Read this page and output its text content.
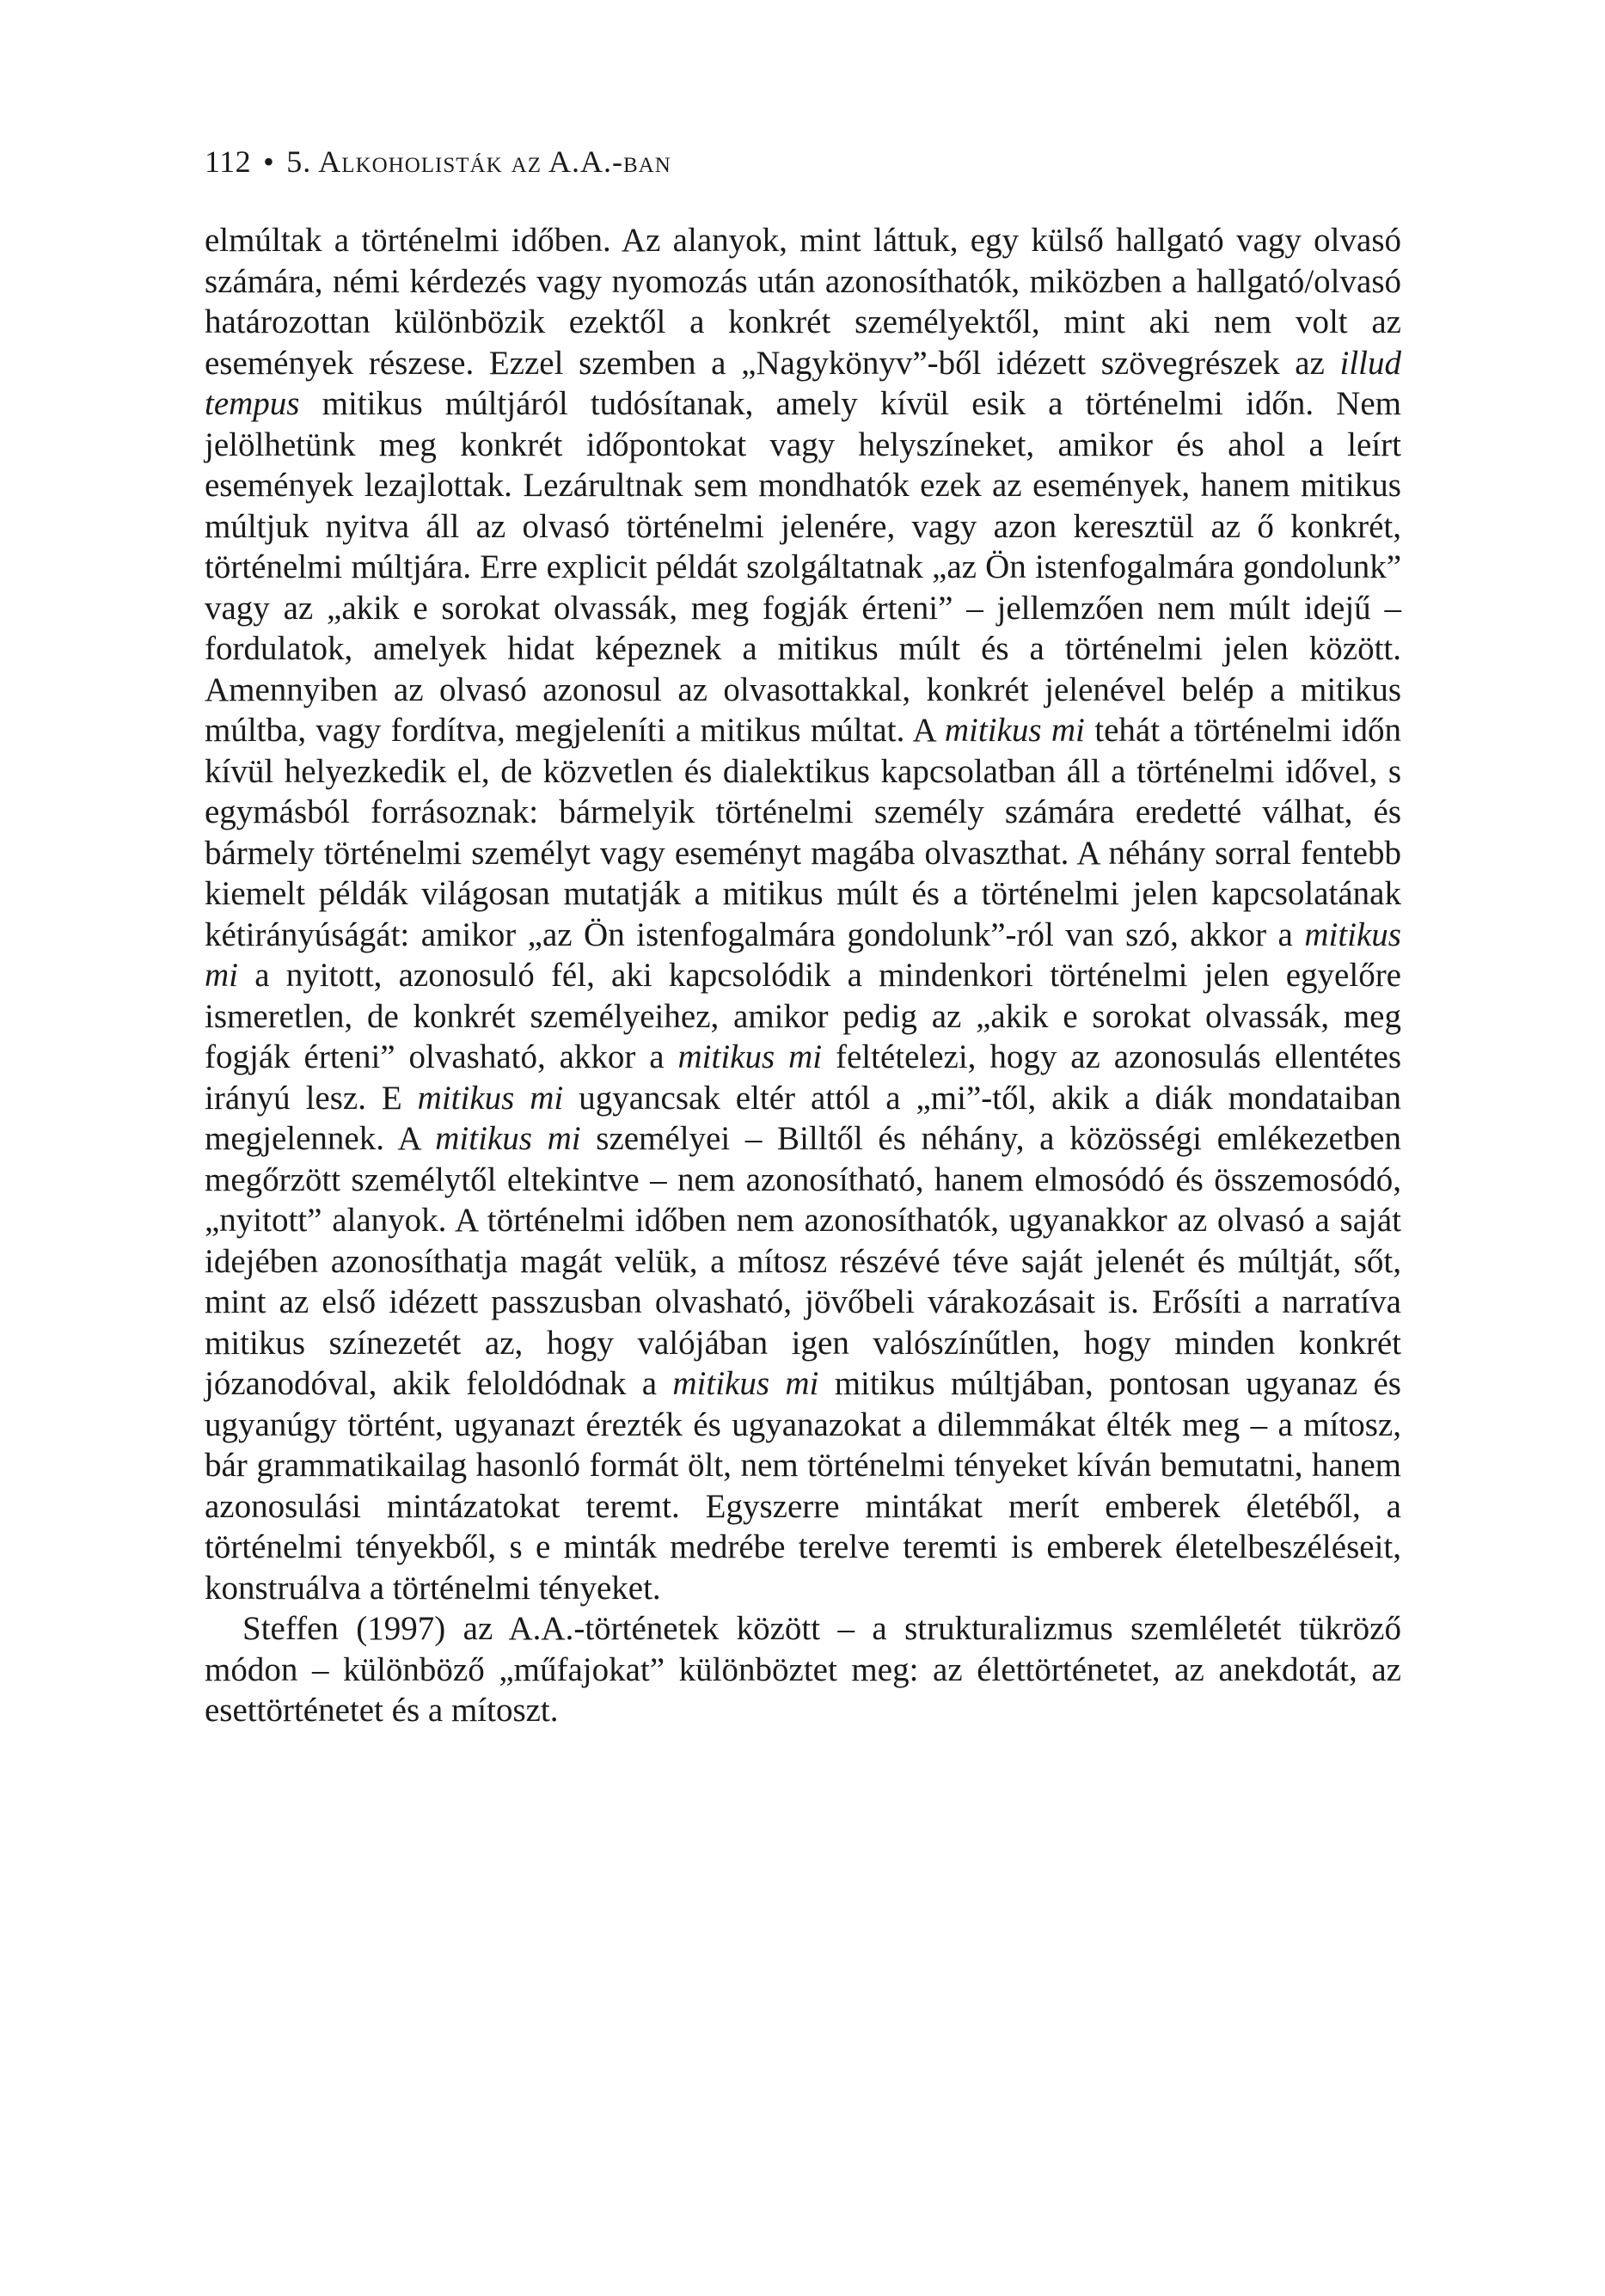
112 • 5. Alkoholisták az A.A.-ban

elmúltak a történelmi időben. Az alanyok, mint láttuk, egy külső hallgató vagy olvasó számára, némi kérdezés vagy nyomozás után azonosíthatók, miközben a hallgató/olvasó határozottan különbözik ezektől a konkrét személyektől, mint aki nem volt az események részese. Ezzel szemben a „Nagykönyv”-ből idézett szövegrészek az illud tempus mitikus múltjáról tudósítanak, amely kívül esik a történelmi időn. Nem jelölhetünk meg konkrét időpontokat vagy helyszíneket, amikor és ahol a leírt események lezajlottak. Lezárultnak sem mondhatók ezek az események, hanem mitikus múltjuk nyitva áll az olvasó történelmi jelenére, vagy azon keresztül az ő konkrét, történelmi múltjára. Erre explicit példát szolgáltatnak „az Ön istenfogalmára gondolunk” vagy az „akik e sorokat olvassák, meg fogják érteni” – jellemzően nem múlt idejű – fordulatok, amelyek hidat képeznek a mitikus múlt és a történelmi jelen között. Amennyiben az olvasó azonosul az olvasottakkal, konkrét jelenével belép a mitikus múltba, vagy fordítva, megjeleníti a mitikus múltat. A mitikus mi tehát a történelmi időn kívül helyezkedik el, de közvetlen és dialektikus kapcsolatban áll a történelmi idővel, s egymásból forrásoznak: bármelyik történelmi személy számára eredetté válhat, és bármely történelmi személyt vagy eseményt magába olvaszthat. A néhány sorral fentebb kiemelt példák világosan mutatják a mitikus múlt és a történelmi jelen kapcsolatának kétirányúságát: amikor „az Ön istenfogalmára gondolunk”-ról van szó, akkor a mitikus mi a nyitott, azonosuló fél, aki kapcsolódik a mindenkori történelmi jelen egyelőre ismeretlen, de konkrét személyeihez, amikor pedig az „akik e sorokat olvassák, meg fogják érteni” olvasható, akkor a mitikus mi feltételezi, hogy az azonosulás ellentétes irányú lesz. E mitikus mi ugyancsak eltér attól a „mi”-től, akik a diák mondataiban megjelennek. A mitikus mi személyei – Billtől és néhány, a közösségi emlékezetben megőrzött személytől eltekintve – nem azonosítható, hanem elmosódó és összemosódó, „nyitott” alanyok. A történelmi időben nem azonosíthatók, ugyanakkor az olvasó a saját idejében azonosíthatja magát velük, a mítosz részévé téve saját jelenét és múltját, sőt, mint az első idézett passzusban olvasható, jövőbeli várakozásait is. Erősíti a narratíva mitikus színezetét az, hogy valójában igen valószínűtlen, hogy minden konkrét józanodóval, akik feloldódnak a mitikus mi mitikus múltjában, pontosan ugyanaz és ugyanúgy történt, ugyanazt érezték és ugyanazokat a dilemmákat élték meg – a mítosz, bár grammatikailag hasonló formát ölt, nem történelmi tényeket kíván bemutatni, hanem azonosulási mintázatokat teremt. Egyszerre mintákat merít emberek életéből, a történelmi tényekből, s e minták medrébe terelve teremti is emberek életelbeszéléseit, konstruálva a történelmi tényeket.

Steffen (1997) az A.A.-történetek között – a strukturalizmus szemléletét tükröző módon – különböző „műfajokat” különböztet meg: az élettörténetet, az anekdotát, az esettörténetet és a mítoszt.
